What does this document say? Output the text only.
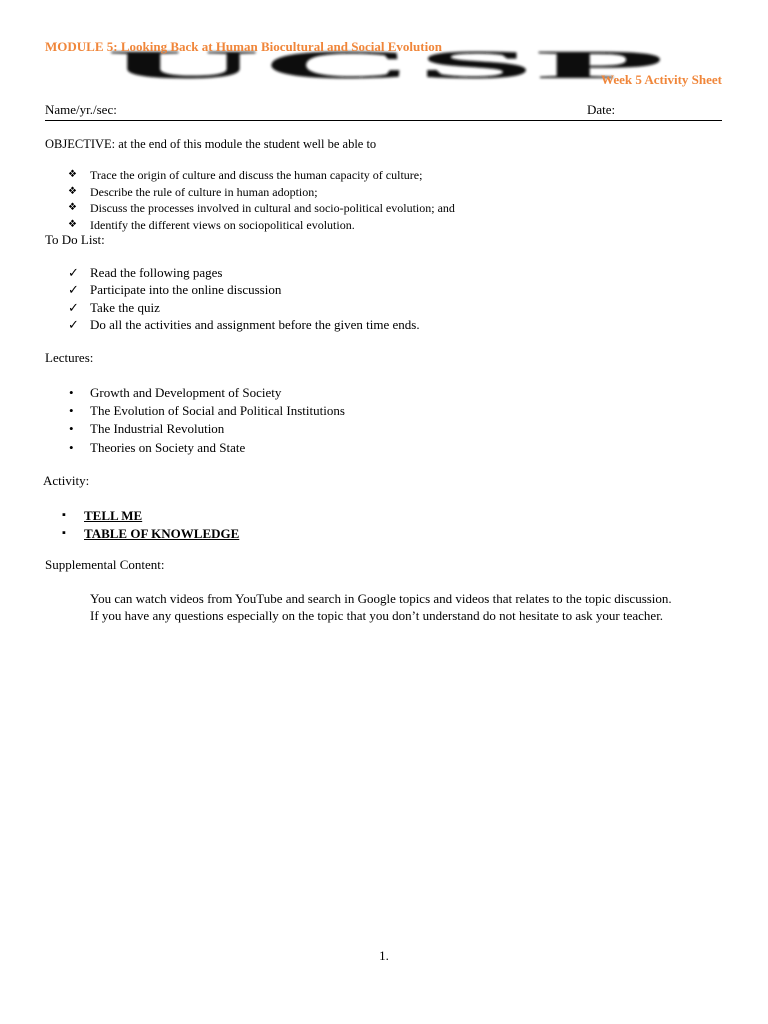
UCSP
MODULE 5: Looking Back at Human Biocultural and Social Evolution
Week 5 Activity Sheet
Name/yr./sec:	Date:
OBJECTIVE: at the end of this module the student well be able to
❖ Trace the origin of culture and discuss the human capacity of culture;
❖ Describe the rule of culture in human adoption;
❖ Discuss the processes involved in cultural and socio-political evolution; and
❖ Identify the different views on sociopolitical evolution.
To Do List:
✓ Read the following pages
✓ Participate into the online discussion
✓ Take the quiz
✓ Do all the activities and assignment before the given time ends.
Lectures:
• Growth and Development of Society
• The Evolution of Social and Political Institutions
• The Industrial Revolution
• Theories on Society and State
Activity:
▪ TELL ME
▪ TABLE OF KNOWLEDGE
Supplemental Content:

You can watch videos from YouTube and search in Google topics and videos that relates to the topic discussion.

If you have any questions especially on the topic that you don’t understand do not hesitate to ask your teacher.

1.
